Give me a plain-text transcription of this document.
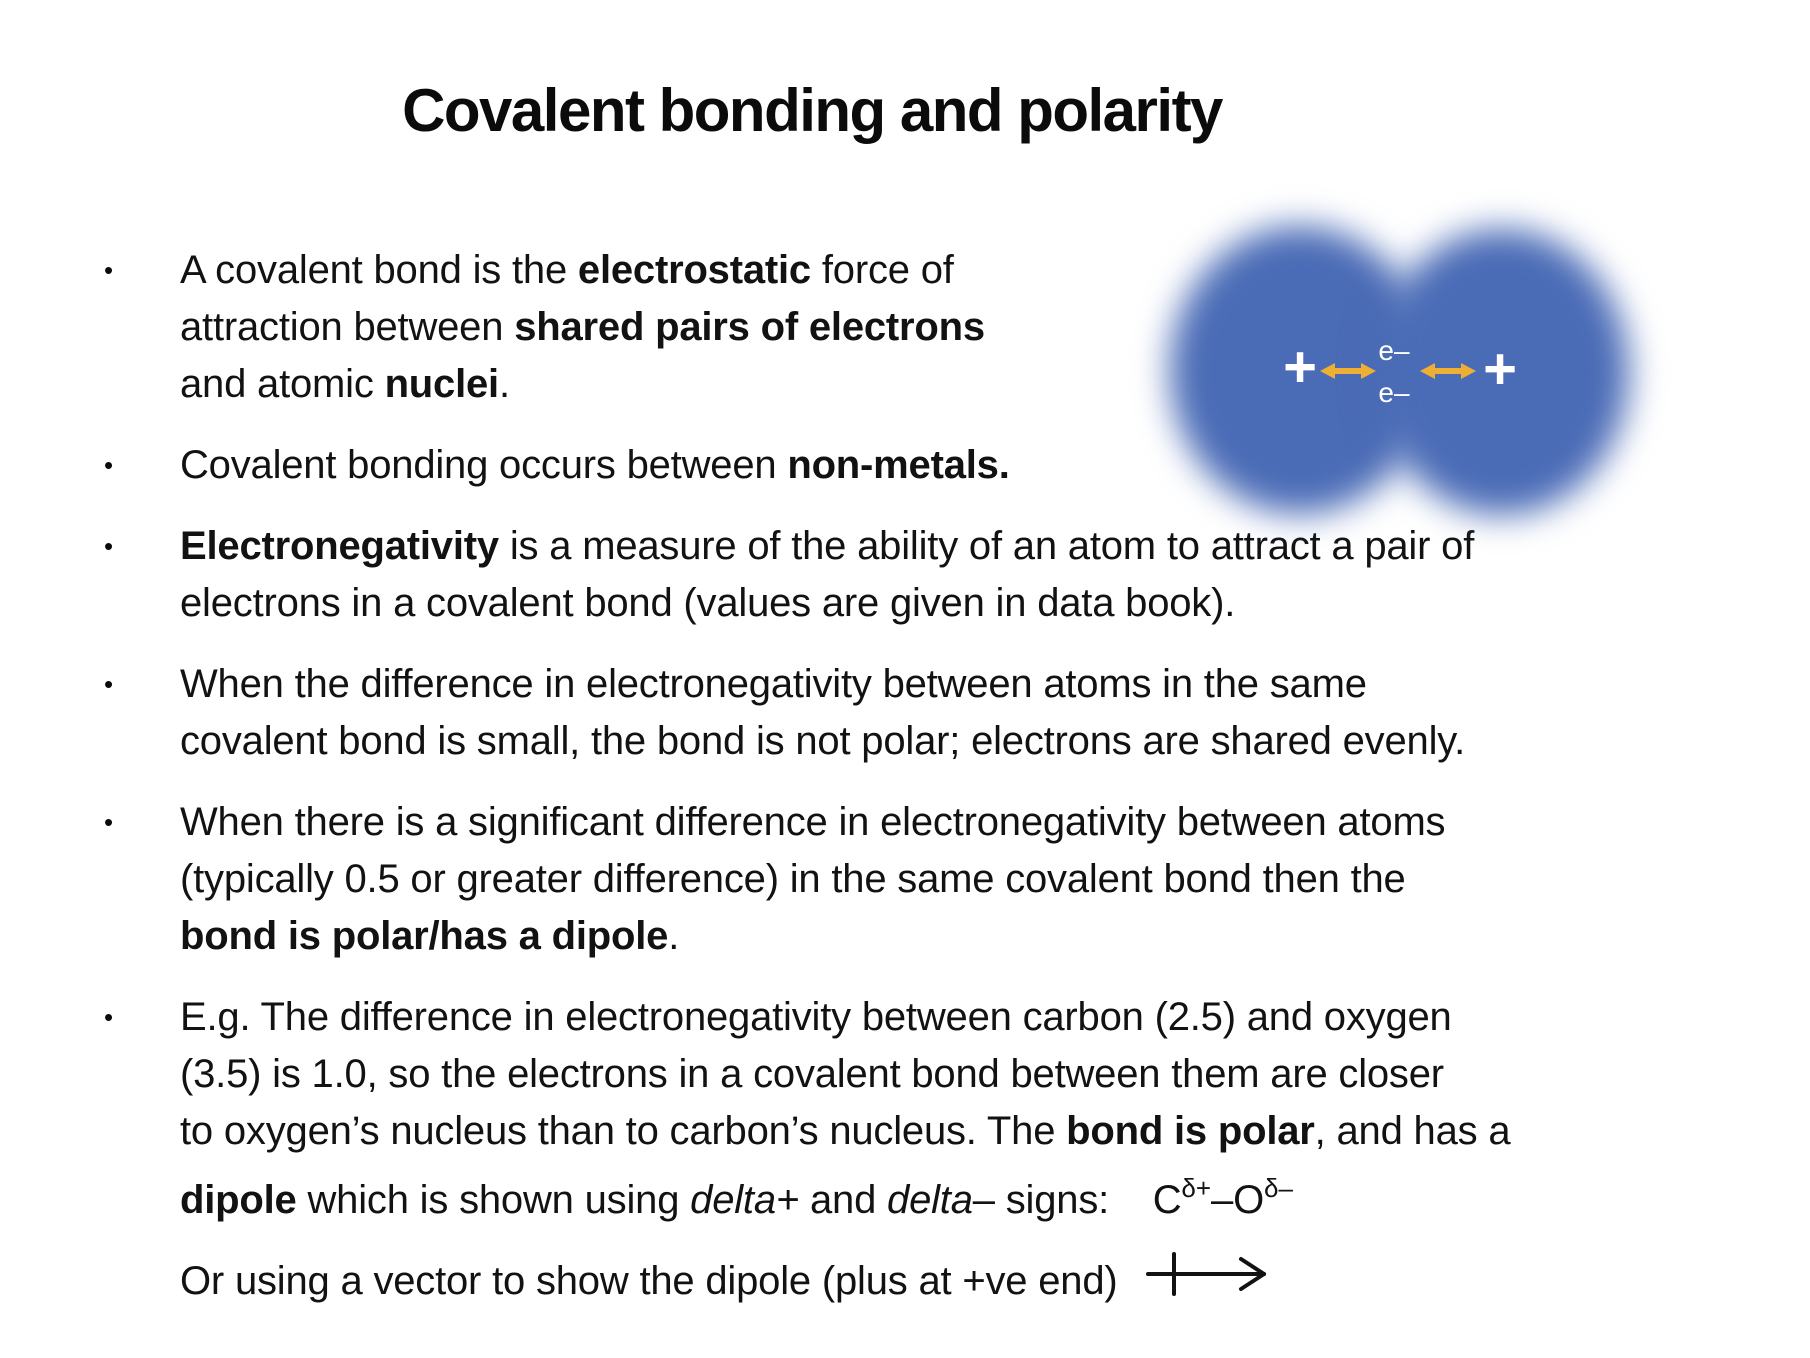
Covalent bonding and polarity
•	A covalent bond is the electrostatic force of
attraction between shared pairs of electrons
and atomic nuclei.
•	Covalent bonding occurs between non-metals.
•	Electronegativity is a measure of the ability of an atom to attract a pair of
electrons in a covalent bond (values are given in data book).
•	When the difference in electronegativity between atoms in the same
covalent bond is small, the bond is not polar; electrons are shared evenly.
•	When there is a significant difference in electronegativity between atoms
(typically 0.5 or greater difference) in the same covalent bond then the
bond is polar/has a dipole.
•	E.g. The difference in electronegativity between carbon (2.5) and oxygen
(3.5) is 1.0, so the electrons in a covalent bond between them are closer
to oxygen’s nucleus than to carbon’s nucleus. The bond is polar, and has a
dipole which is shown using delta+ and delta– signs:    $C^{\delta+}-O^{\delta-}$
Or using a vector to show the dipole (plus at +ve end)
+ e–
e– +
